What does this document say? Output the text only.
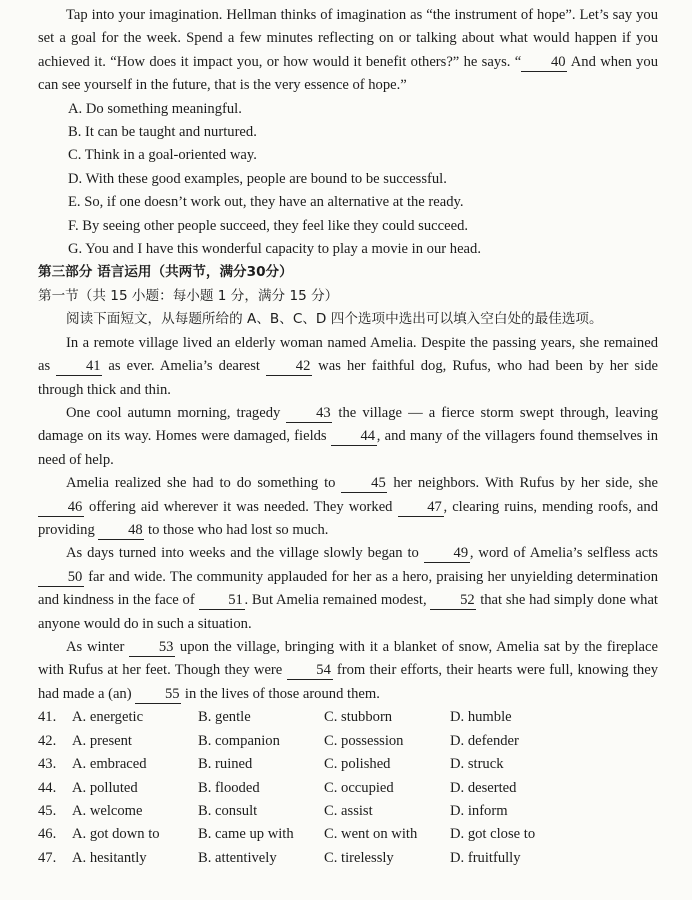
Tap into your imagination. Hellman thinks of imagination as “the instrument of hope”. Let’s say you set a goal for the week. Spend a few minutes reflecting on or talking about what would happen if you achieved it. “How does it impact you, or how would it benefit others?” he says. “ 40 And when you can see yourself in the future, that is the very essence of hope.”

A. Do something meaningful.
B. It can be taught and nurtured.
C. Think in a goal-oriented way.
D. With these good examples, people are bound to be successful.
E. So, if one doesn’t work out, they have an alternative at the ready.
F. By seeing other people succeed, they feel like they could succeed.
G. You and I have this wonderful capacity to play a movie in our head.
第三部分 语言运用（共两节，满分30分）
第一节（共 15 小题：每小题 1 分，满分 15 分）

阅读下面短文，从每题所给的 A、B、C、D 四个选项中选出可以填入空白处的最佳选项。

In a remote village lived an elderly woman named Amelia. Despite the passing years, she remained as 41 as ever. Amelia’s dearest 42 was her faithful dog, Rufus, who had been by her side through thick and thin.

One cool autumn morning, tragedy 43 the village — a fierce storm swept through, leaving damage on its way. Homes were damaged, fields 44 , and many of the villagers found themselves in need of help.

Amelia realized she had to do something to 45 her neighbors. With Rufus by her side, she 46 offering aid wherever it was needed. They worked 47 , clearing ruins, mending roofs, and providing 48 to those who had lost so much.

As days turned into weeks and the village slowly began to 49 , word of Amelia’s selfless acts 50 far and wide. The community applauded for her as a hero, praising her unyielding determination and kindness in the face of 51 . But Amelia remained modest, 52 that she had simply done what anyone would do in such a situation.

As winter 53 upon the village, bringing with it a blanket of snow, Amelia sat by the fireplace with Rufus at her feet. Though they were 54 from their efforts, their hearts were full, knowing they had made a (an) 55 in the lives of those around them.

41.	A. energetic	B. gentle	C. stubborn	D. humble
42.	A. present	B. companion	C. possession	D. defender
43.	A. embraced	B. ruined	C. polished	D. struck
44.	A. polluted	B. flooded	C. occupied	D. deserted
45.	A. welcome	B. consult	C. assist	D. inform
46.	A. got down to	B. came up with	C. went on with	D. got close to
47.	A. hesitantly	B. attentively	C. tirelessly	D. fruitfully
